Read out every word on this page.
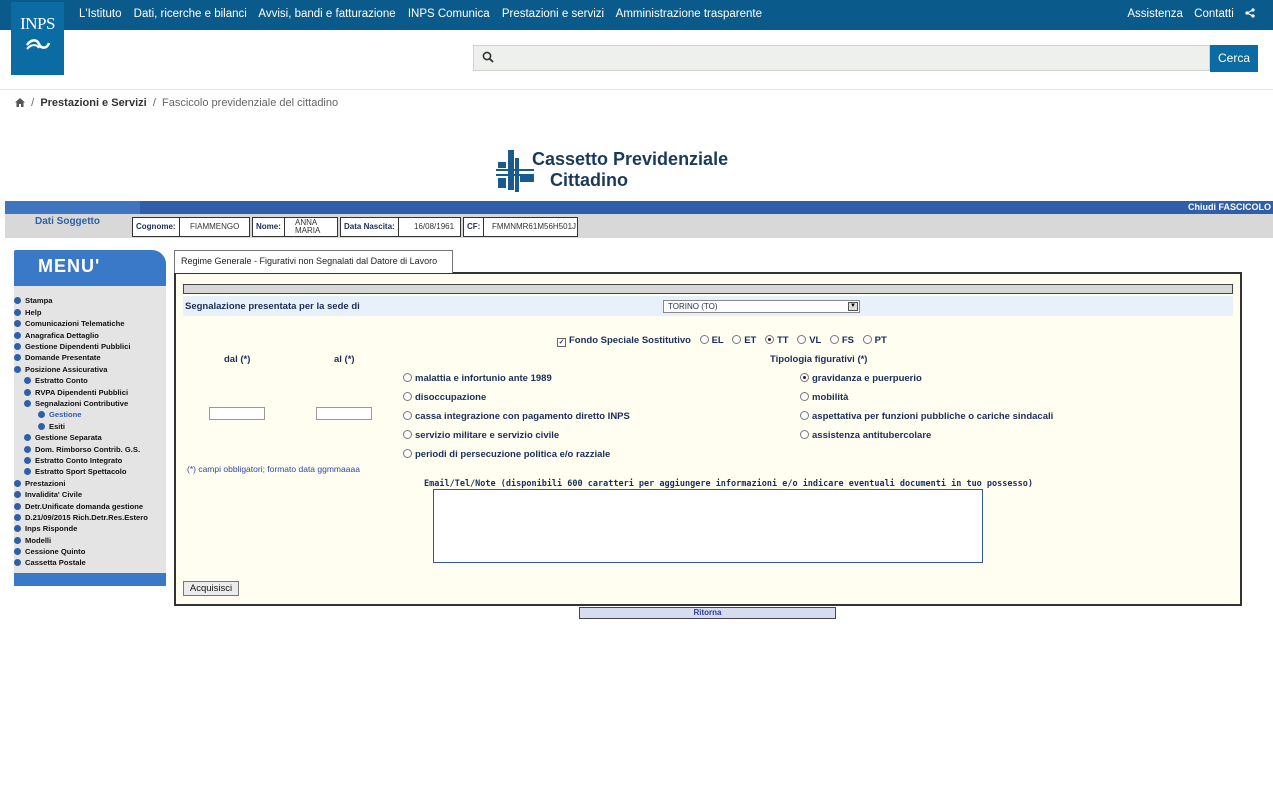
L'Istituto Dati, ricerche e bilanci Avvisi, bandi e fatturazione INPS Comunica Prestazioni e servizi Amministrazione trasparente	Assistenza Contatti
INPS
Cerca
/ Prestazioni e Servizi / Fascicolo previdenziale del cittadino
Cassetto Previdenziale
Cittadino
Chiudi FASCICOLO
Dati Soggetto	Cognome:	FIAMMENGO	Nome:	ANNA
MARIA	Data Nascita:	16/08/1961	CF:	FMMNMR61M56H501J
MENU'
Stampa
Help
Comunicazioni Telematiche
Anagrafica Dettaglio
Gestione Dipendenti Pubblici
Domande Presentate
Posizione Assicurativa
Estratto Conto
RVPA Dipendenti Pubblici
Segnalazioni Contributive
Gestione
Esiti
Gestione Separata
Dom. Rimborso Contrib. G.S.
Estratto Conto Integrato
Estratto Sport Spettacolo
Prestazioni
Invalidita' Civile
Detr.Unificate domanda gestione
D.21/09/2015 Rich.Detr.Res.Estero
Inps Risponde
Modelli
Cessione Quinto
Cassetta Postale
Regime Generale - Figurativi non Segnalati dal Datore di Lavoro
Segnalazione presentata per la sede di	TORINO (TO)	▼
✓ Fondo Speciale Sostitutivo EL ET TT VL FS PT
dal (*)	al (*)	Tipologia figurativi (*)
malattia e infortunio ante 1989
disoccupazione
cassa integrazione con pagamento diretto INPS
servizio militare e servizio civile
periodi di persecuzione politica e/o razziale
gravidanza e puerpuerio
mobilità
aspettativa per funzioni pubbliche o cariche sindacali
assistenza antitubercolare
(*) campi obbligatori; formato data ggmmaaaa
Email/Tel/Note (disponibili 600 caratteri per aggiungere informazioni e/o indicare eventuali documenti in tuo possesso)
Acquisisci
Ritorna
